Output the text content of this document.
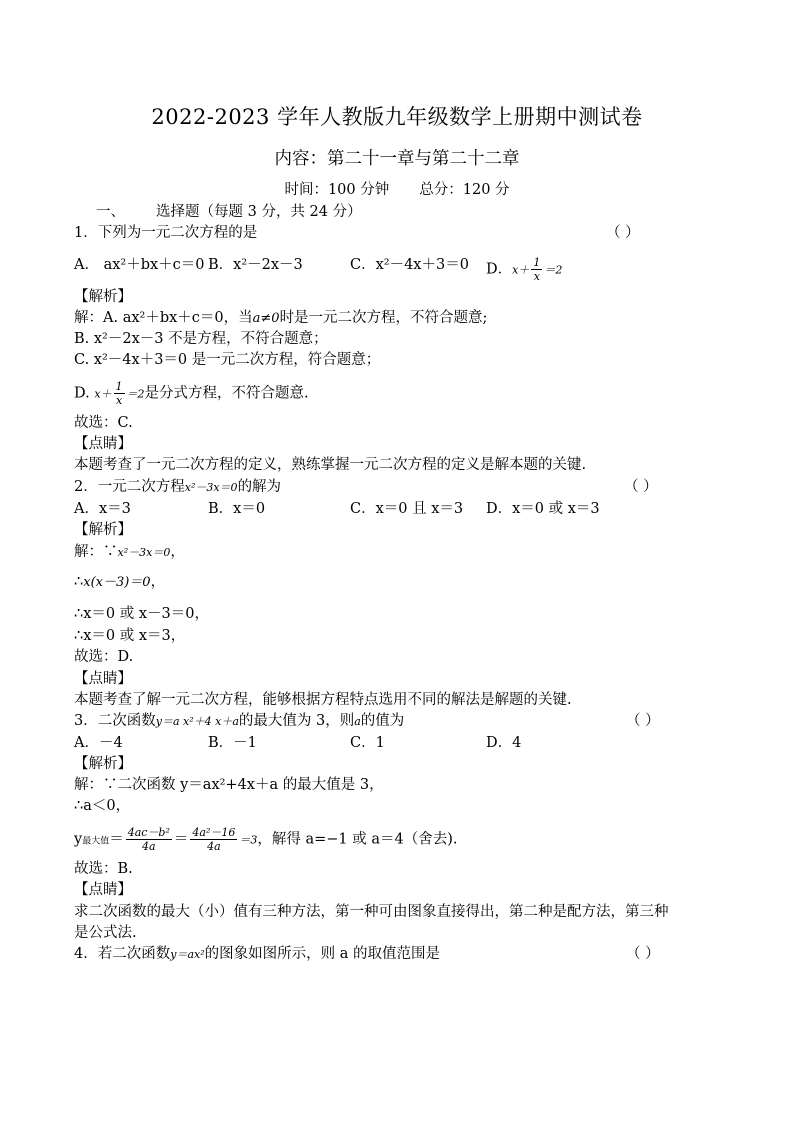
2022-2023 学年人教版九年级数学上册期中测试卷
内容：第二十一章与第二十二章
时间：100 分钟 总分：120 分
一、 选择题（每题 3 分，共 24 分）
1．下列为一元二次方程的是	（ ）
A． ax²＋bx＋c＝0 B．x²－2x－3	C．x²－4x＋3＝0 D．$x+ \frac{1}{x} =2$
【解析】
解：A. ax²＋bx＋c＝0，当a≠0时是一元二次方程，不符合题意;
B. x²－2x－3 不是方程，不符合题意；
C. x²－4x＋3＝0 是一元二次方程，符合题意；
D. $x+ \frac{1}{x} =2$是分式方程，不符合题意.
故选：C.
【点睛】
本题考查了一元二次方程的定义，熟练掌握一元二次方程的定义是解本题的关键.
2．一元二次方程x²－3x＝0的解为	（ ）
A．x＝3	B．x＝0	C．x＝0 且 x＝3 D．x＝0 或 x＝3
【解析】
解：∵x²－3x＝0，
∴x(x－3)＝0，
∴x＝0 或 x－3＝0，
∴x＝0 或 x＝3，
故选：D.
【点睛】
本题考查了解一元二次方程，能够根据方程特点选用不同的解法是解题的关键.
3．二次函数y＝a x²＋4 x＋a的最大值为 3，则a的值为	（ ）
A．－4	B．－1	C．1	D．4
【解析】
解：∵二次函数 y＝ax²+4x＋a 的最大值是 3，
∴a＜0，
y最大值＝ $\frac{\text{4ac－b²}}{4a} = \frac{\text{4a²－16}}{4a} =3$，解得 a=−1 或 a＝4（舍去).
故选：B.
【点睛】
求二次函数的最大（小）值有三种方法，第一种可由图象直接得出，第二种是配方法，第三种
是公式法.
4．若二次函数y＝ax²的图象如图所示，则 a 的取值范围是	（ ）
